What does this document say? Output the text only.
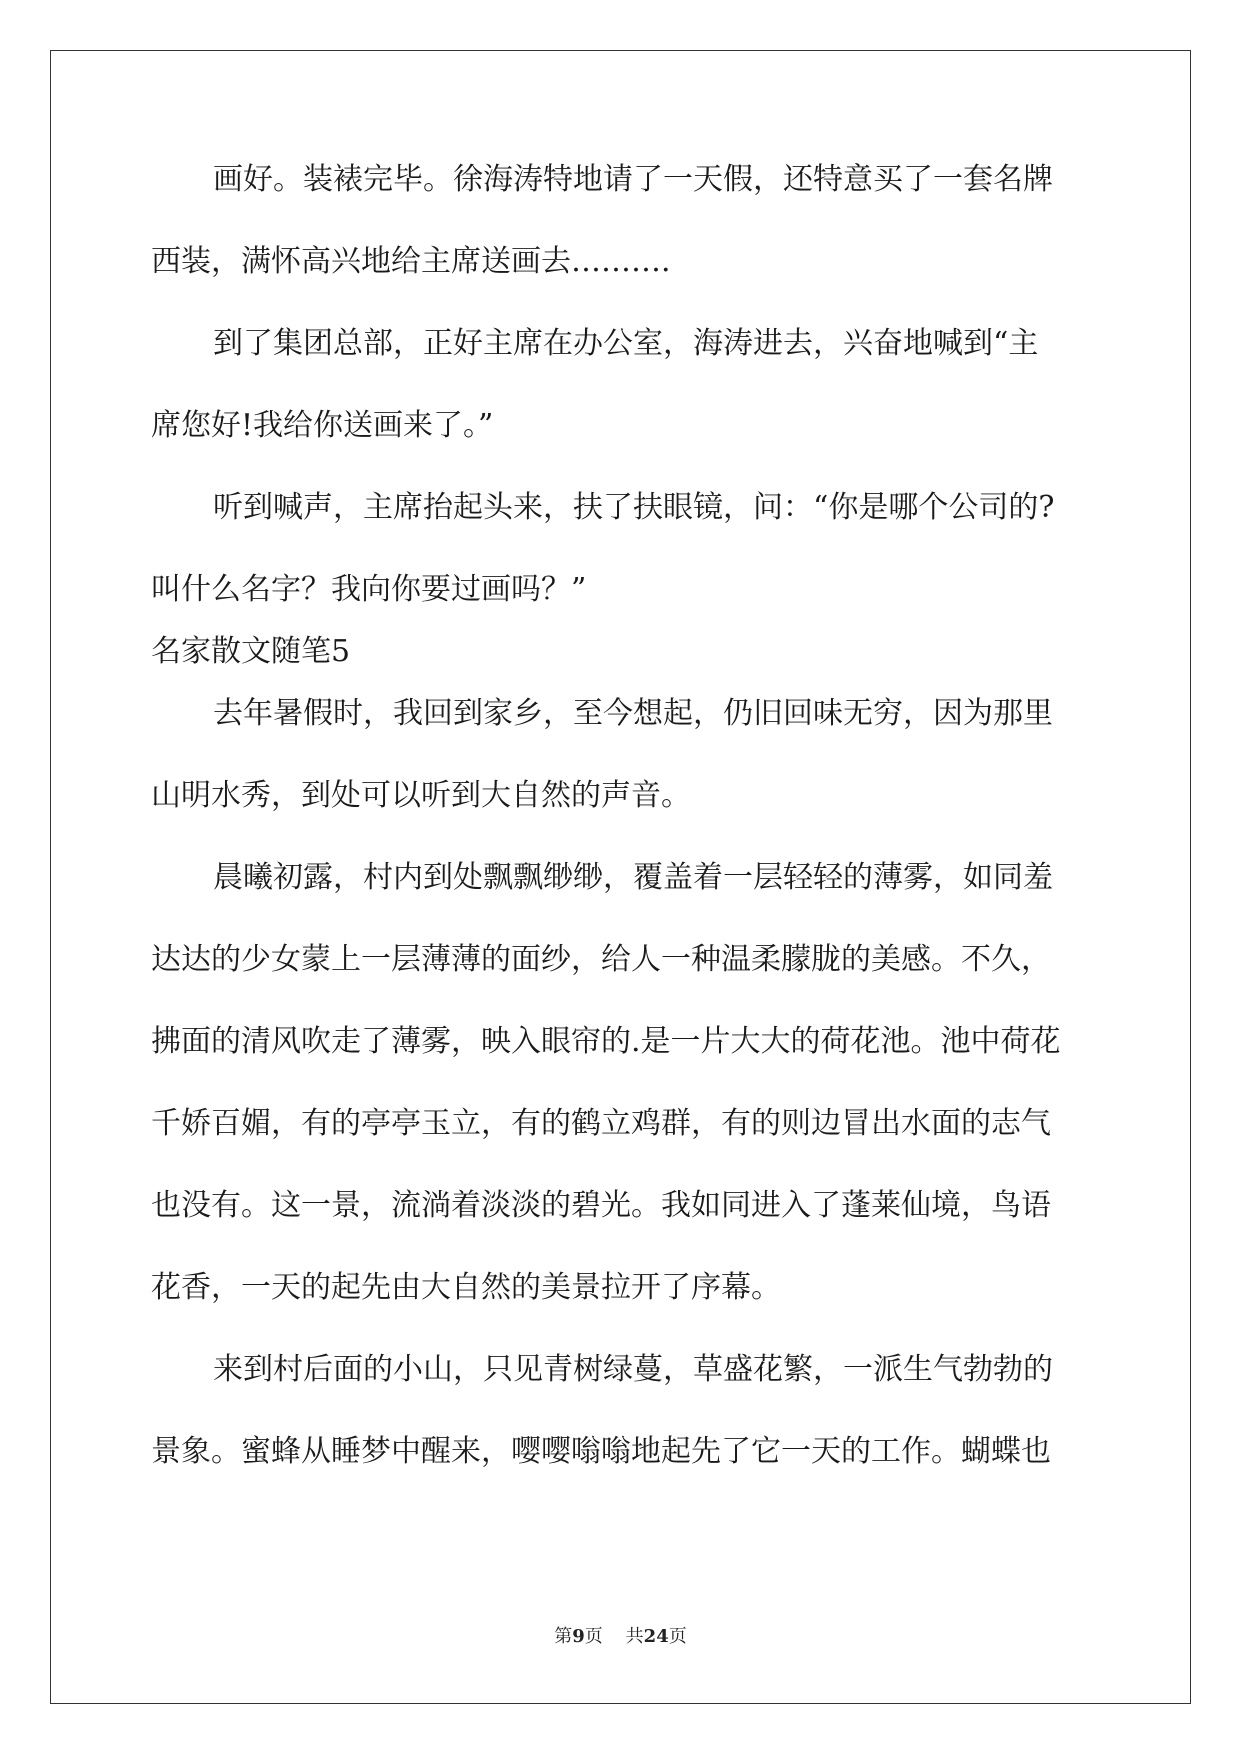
画好。装裱完毕。徐海涛特地请了一天假，还特意买了一套名牌

西装，满怀高兴地给主席送画去……….

到了集团总部，正好主席在办公室，海涛进去，兴奋地喊到“主

席您好!我给你送画来了。”

听到喊声，主席抬起头来，扶了扶眼镜，问：“你是哪个公司的?

叫什么名字？我向你要过画吗？”

名家散文随笔5

去年暑假时，我回到家乡，至今想起，仍旧回味无穷，因为那里

山明水秀，到处可以听到大自然的声音。

晨曦初露，村内到处飘飘缈缈，覆盖着一层轻轻的薄雾，如同羞

达达的少女蒙上一层薄薄的面纱，给人一种温柔朦胧的美感。不久，

拂面的清风吹走了薄雾，映入眼帘的.是一片大大的荷花池。池中荷花

千娇百媚，有的亭亭玉立，有的鹤立鸡群，有的则边冒出水面的志气

也没有。这一景，流淌着淡淡的碧光。我如同进入了蓬莱仙境，鸟语

花香，一天的起先由大自然的美景拉开了序幕。

来到村后面的小山，只见青树绿蔓，草盛花繁，一派生气勃勃的

景象。蜜蜂从睡梦中醒来，嘤嘤嗡嗡地起先了它一天的工作。蝴蝶也

第9页 共24页
